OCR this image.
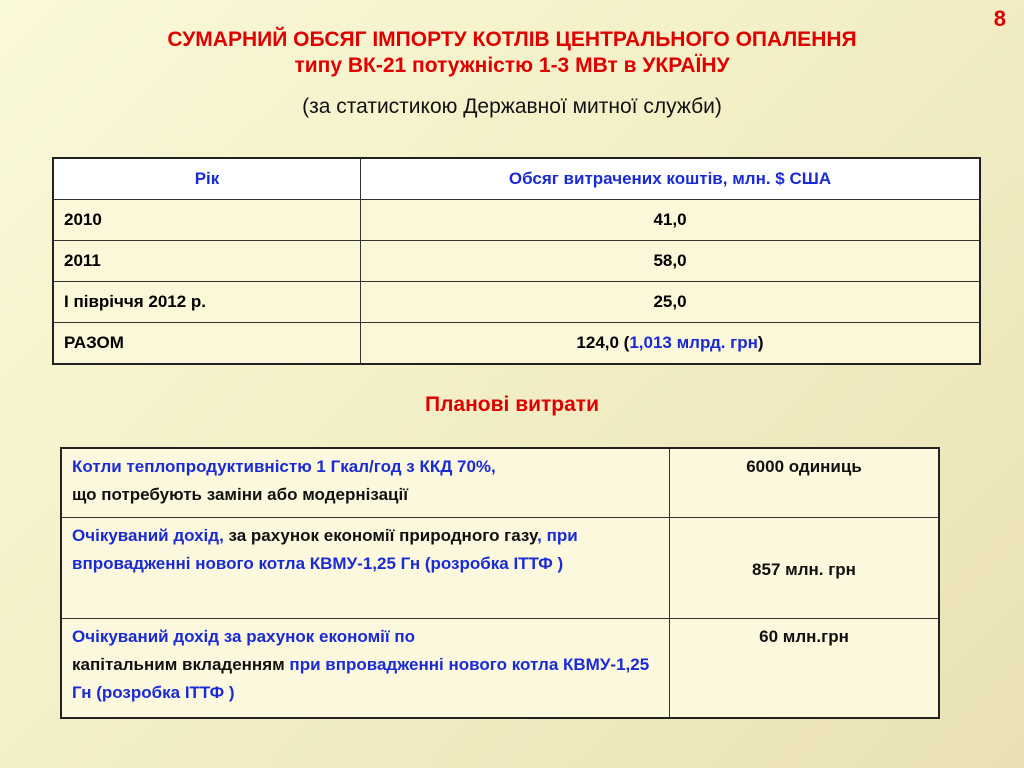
8
СУМАРНИЙ ОБСЯГ ІМПОРТУ КОТЛІВ ЦЕНТРАЛЬНОГО ОПАЛЕННЯ
типу ВК-21 потужністю 1-3 МВт в УКРАЇНУ
(за статистикою Державної митної служби)
Рік	Обсяг витрачених коштів, млн. $ США
2010	41,0
2011	58,0
І півріччя 2012 р.	25,0
РАЗОМ	124,0 (1,013 млрд. грн)
Планові витрати
Котли теплопродуктивністю 1 Гкал/год з ККД 70%,
що потребують заміни або модернізації	6000 одиниць
Очікуваний дохід, за рахунок економії природного газу, при впровадженні нового котла КВМУ-1,25 Гн (розробка ІТТФ )	857 млн. грн
Очікуваний дохід за рахунок економії по
капітальним вкладенням при впровадженні нового котла КВМУ-1,25 Гн (розробка ІТТФ )	60 млн.грн
